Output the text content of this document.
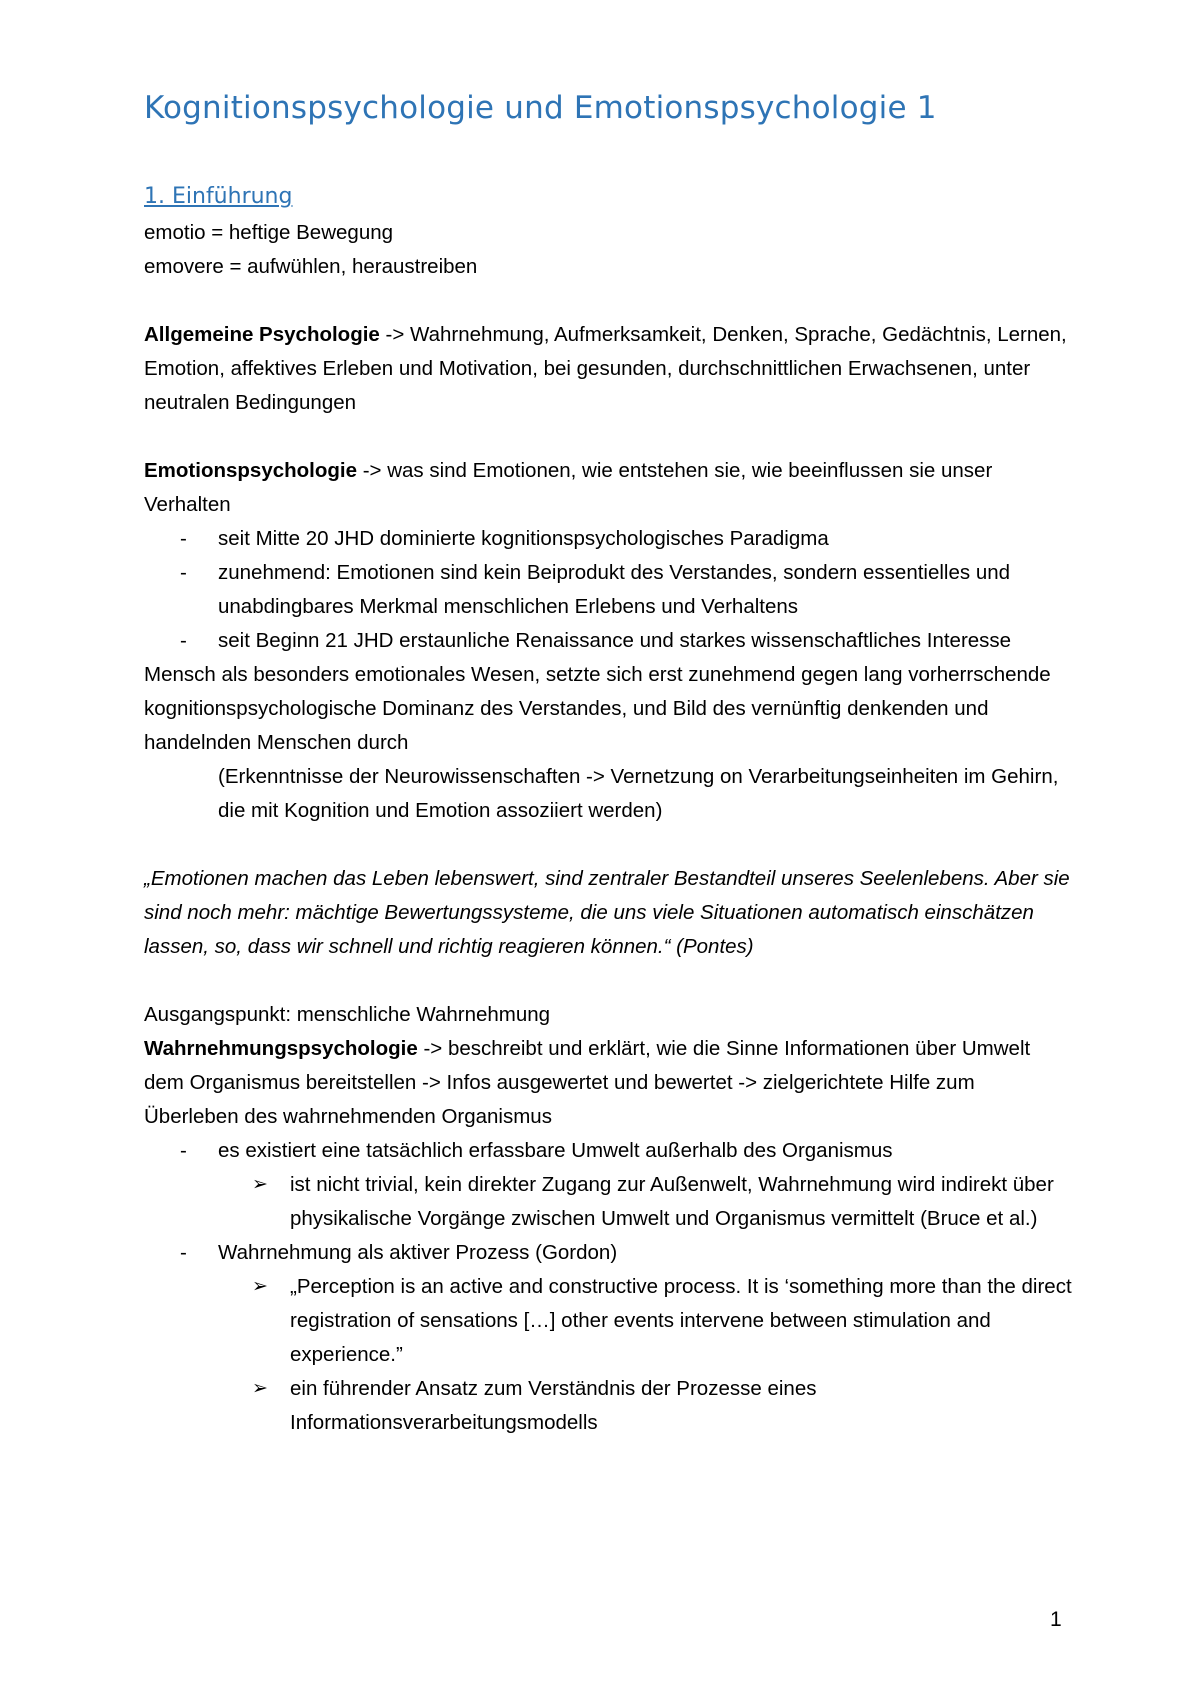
Kognitionspsychologie und Emotionspsychologie 1
1. Einführung

emotio = heftige Bewegung

emovere = aufwühlen, heraustreiben

Allgemeine Psychologie -> Wahrnehmung, Aufmerksamkeit, Denken, Sprache, Gedächtnis, Lernen, Emotion, affektives Erleben und Motivation, bei gesunden, durchschnittlichen Erwachsenen, unter neutralen Bedingungen

Emotionspsychologie -> was sind Emotionen, wie entstehen sie, wie beeinflussen sie unser Verhalten

- seit Mitte 20 JHD dominierte kognitionspsychologisches Paradigma
- zunehmend: Emotionen sind kein Beiprodukt des Verstandes, sondern essentielles und unabdingbares Merkmal menschlichen Erlebens und Verhaltens
- seit Beginn 21 JHD erstaunliche Renaissance und starkes wissenschaftliches Interesse

Mensch als besonders emotionales Wesen, setzte sich erst zunehmend gegen lang vorherrschende kognitionspsychologische Dominanz des Verstandes, und Bild des vernünftig denkenden und handelnden Menschen durch

(Erkenntnisse der Neurowissenschaften -> Vernetzung on Verarbeitungseinheiten im Gehirn, die mit Kognition und Emotion assoziiert werden)

„Emotionen machen das Leben lebenswert, sind zentraler Bestandteil unseres Seelenlebens. Aber sie sind noch mehr: mächtige Bewertungssysteme, die uns viele Situationen automatisch einschätzen lassen, so, dass wir schnell und richtig reagieren können.“ (Pontes)

Ausgangspunkt: menschliche Wahrnehmung

Wahrnehmungspsychologie -> beschreibt und erklärt, wie die Sinne Informationen über Umwelt dem Organismus bereitstellen -> Infos ausgewertet und bewertet -> zielgerichtete Hilfe zum Überleben des wahrnehmenden Organismus

- es existiert eine tatsächlich erfassbare Umwelt außerhalb des Organismus
➢ ist nicht trivial, kein direkter Zugang zur Außenwelt, Wahrnehmung wird indirekt über physikalische Vorgänge zwischen Umwelt und Organismus vermittelt (Bruce et al.)
- Wahrnehmung als aktiver Prozess (Gordon)
➢ „Perception is an active and constructive process. It is ‘something more than the direct registration of sensations […] other events intervene between stimulation and experience.”
➢ ein führender Ansatz zum Verständnis der Prozesse eines Informationsverarbeitungsmodells
1
